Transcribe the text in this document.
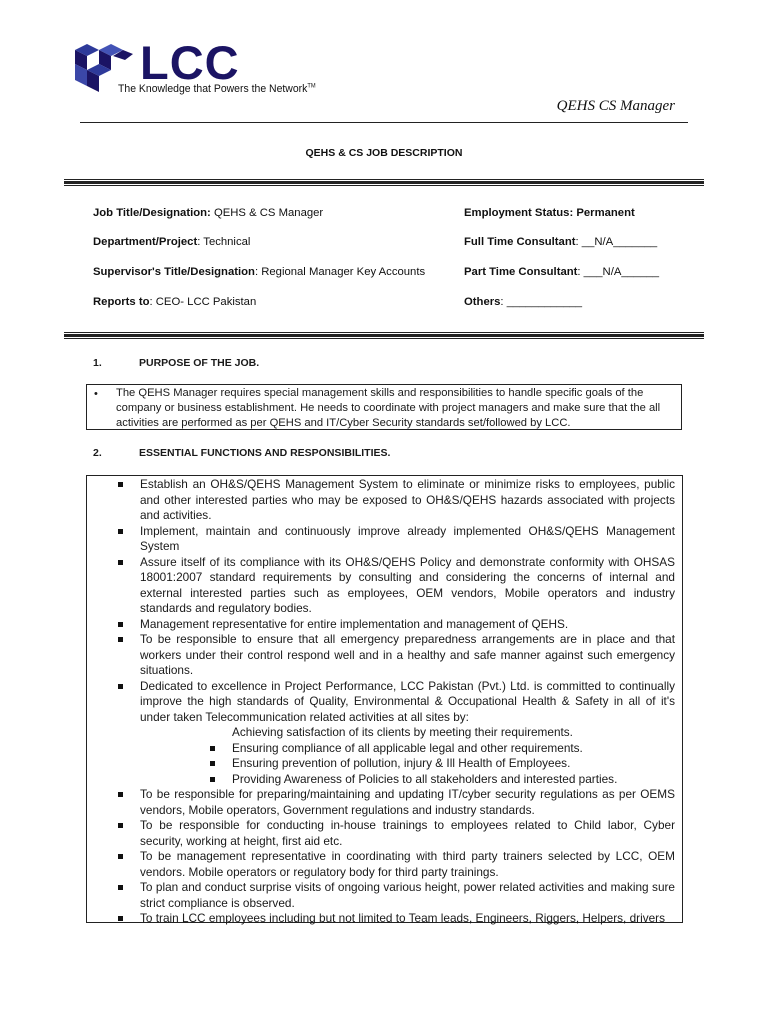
LCC
The Knowledge that Powers the Network™
QEHS CS Manager
QEHS & CS JOB DESCRIPTION
Job Title/Designation: QEHS & CS Manager
Department/Project: Technical
Supervisor's Title/Designation: Regional Manager Key Accounts
Reports to: CEO- LCC Pakistan
Employment Status: Permanent
Full Time Consultant: __N/A_______
Part Time Consultant: ___N/A______
Others: ____________
1.	PURPOSE OF THE JOB.
• The QEHS Manager requires special management skills and responsibilities to handle specific goals of the company or business establishment. He needs to coordinate with project managers and make sure that the all activities are performed as per QEHS and IT/Cyber Security standards set/followed by LCC.
2.	ESSENTIAL FUNCTIONS AND RESPONSIBILITIES.
Establish an OH&S/QEHS Management System to eliminate or minimize risks to employees, public and other interested parties who may be exposed to OH&S/QEHS hazards associated with projects and activities.
Implement, maintain and continuously improve already implemented OH&S/QEHS Management System
Assure itself of its compliance with its OH&S/QEHS Policy and demonstrate conformity with OHSAS 18001:2007 standard requirements by consulting and considering the concerns of internal and external interested parties such as employees, OEM vendors, Mobile operators and industry standards and regulatory bodies.
Management representative for entire implementation and management of QEHS.
To be responsible to ensure that all emergency preparedness arrangements are in place and that workers under their control respond well and in a healthy and safe manner against such emergency situations.
Dedicated to excellence in Project Performance, LCC Pakistan (Pvt.) Ltd. is committed to continually improve the high standards of Quality, Environmental & Occupational Health & Safety in all of it's under taken Telecommunication related activities at all sites by:
Achieving satisfaction of its clients by meeting their requirements.
Ensuring compliance of all applicable legal and other requirements.
Ensuring prevention of pollution, injury & Ill Health of Employees.
Providing Awareness of Policies to all stakeholders and interested parties.
To be responsible for preparing/maintaining and updating IT/cyber security regulations as per OEMS vendors, Mobile operators, Government regulations and industry standards.
To be responsible for conducting in-house trainings to employees related to Child labor, Cyber security, working at height, first aid etc.
To be management representative in coordinating with third party trainers selected by LCC, OEM vendors. Mobile operators or regulatory body for third party trainings.
To plan and conduct surprise visits of ongoing various height, power related activities and making sure strict compliance is observed.
To train LCC employees including but not limited to Team leads, Engineers, Riggers, Helpers, drivers
